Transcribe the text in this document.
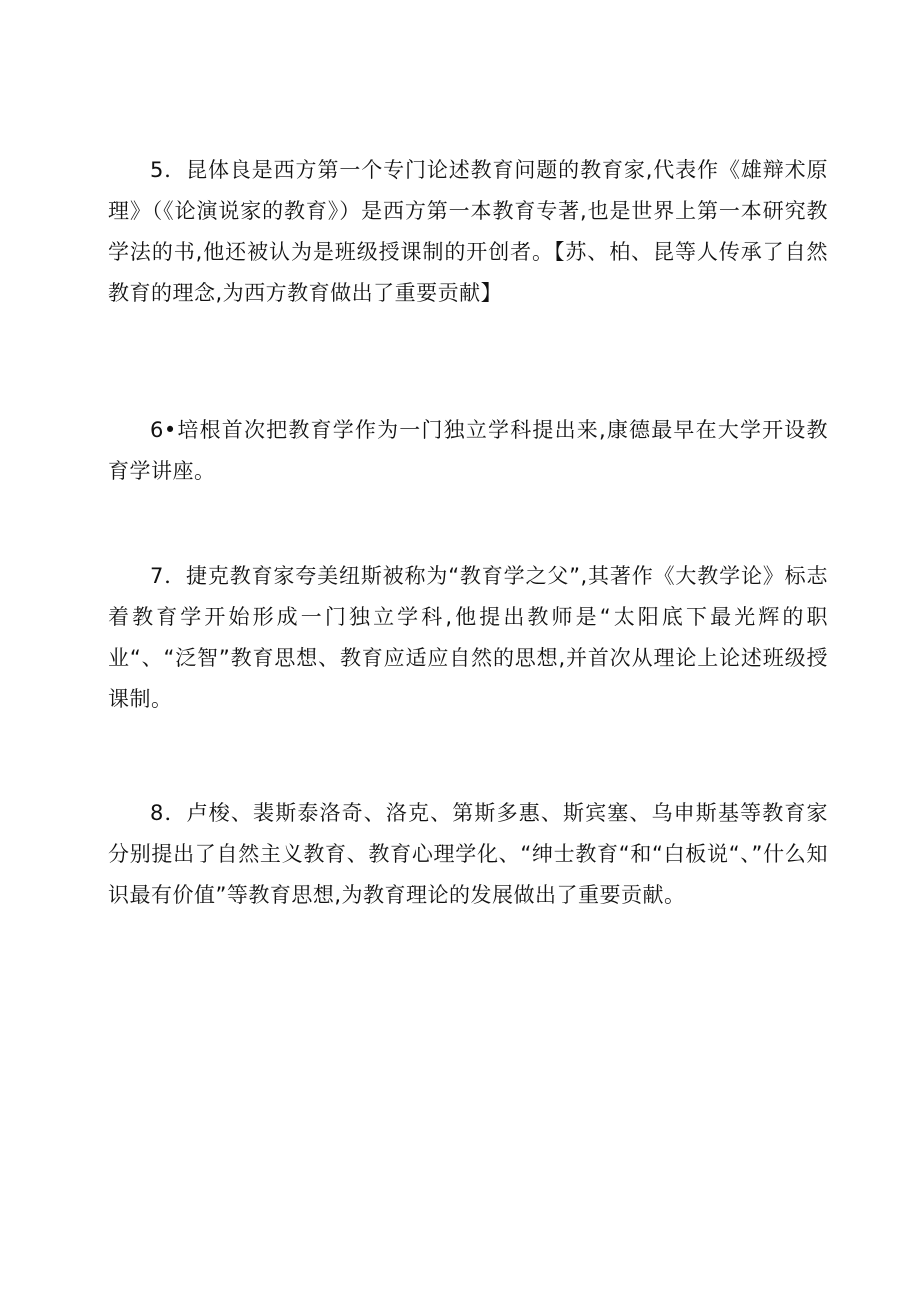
5．昆体良是西方第一个专门论述教育问题的教育家,代表作《雄辩术原理》（《论演说家的教育》）是西方第一本教育专著,也是世界上第一本研究教学法的书,他还被认为是班级授课制的开创者。【苏、柏、昆等人传承了自然教育的理念,为西方教育做出了重要贡献】

6•培根首次把教育学作为一门独立学科提出来,康德最早在大学开设教育学讲座。

7．捷克教育家夸美纽斯被称为“教育学之父”,其著作《大教学论》标志着教育学开始形成一门独立学科,他提出教师是“太阳底下最光辉的职业“、“泛智”教育思想、教育应适应自然的思想,并首次从理论上论述班级授课制。

8．卢梭、裴斯泰洛奇、洛克、第斯多惠、斯宾塞、乌申斯基等教育家分别提出了自然主义教育、教育心理学化、“绅士教育“和“白板说“、”什么知识最有价值”等教育思想,为教育理论的发展做出了重要贡献。
